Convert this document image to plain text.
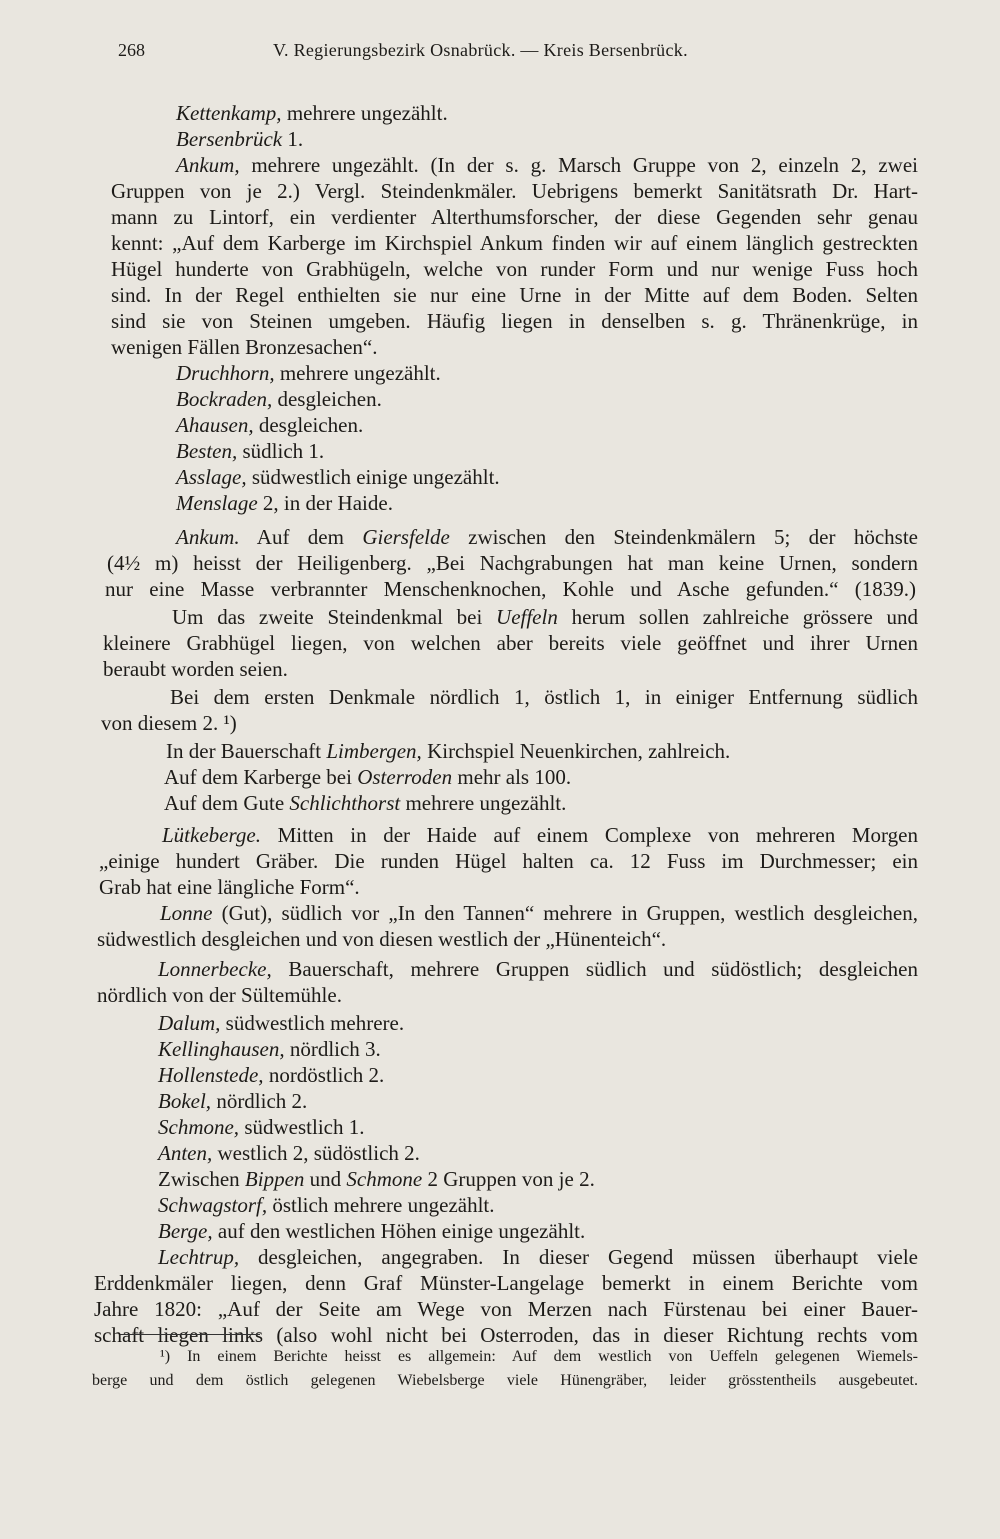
268	V. Regierungsbezirk Osnabrück. — Kreis Bersenbrück.
Kettenkamp, mehrere ungezählt.
Bersenbrück 1.
Ankum, mehrere ungezählt. (In der s. g. Marsch Gruppe von 2, einzeln 2, zwei
Gruppen von je 2.) Vergl. Steindenkmäler. Uebrigens bemerkt Sanitätsrath Dr. Hart-
mann zu Lintorf, ein verdienter Alterthumsforscher, der diese Gegenden sehr genau
kennt: „Auf dem Karberge im Kirchspiel Ankum finden wir auf einem länglich gestreckten
Hügel hunderte von Grabhügeln, welche von runder Form und nur wenige Fuss hoch
sind. In der Regel enthielten sie nur eine Urne in der Mitte auf dem Boden. Selten
sind sie von Steinen umgeben. Häufig liegen in denselben s. g. Thränenkrüge, in
wenigen Fällen Bronzesachen“.
Druchhorn, mehrere ungezählt.
Bockraden, desgleichen.
Ahausen, desgleichen.
Besten, südlich 1.
Asslage, südwestlich einige ungezählt.
Menslage 2, in der Haide.
Ankum. Auf dem Giersfelde zwischen den Steindenkmälern 5; der höchste
(4½ m) heisst der Heiligenberg. „Bei Nachgrabungen hat man keine Urnen, sondern
nur eine Masse verbrannter Menschenknochen, Kohle und Asche gefunden.“ (1839.)
Um das zweite Steindenkmal bei Ueffeln herum sollen zahlreiche grössere und
kleinere Grabhügel liegen, von welchen aber bereits viele geöffnet und ihrer Urnen
beraubt worden seien.
Bei dem ersten Denkmale nördlich 1, östlich 1, in einiger Entfernung südlich
von diesem 2. ¹)
In der Bauerschaft Limbergen, Kirchspiel Neuenkirchen, zahlreich.
Auf dem Karberge bei Osterroden mehr als 100.
Auf dem Gute Schlichthorst mehrere ungezählt.
Lütkeberge. Mitten in der Haide auf einem Complexe von mehreren Morgen
„einige hundert Gräber. Die runden Hügel halten ca. 12 Fuss im Durchmesser; ein
Grab hat eine längliche Form“.
Lonne (Gut), südlich vor „In den Tannen“ mehrere in Gruppen, westlich desgleichen,
südwestlich desgleichen und von diesen westlich der „Hünenteich“.
Lonnerbecke, Bauerschaft, mehrere Gruppen südlich und südöstlich; desgleichen
nördlich von der Sültemühle.
Dalum, südwestlich mehrere.
Kellinghausen, nördlich 3.
Hollenstede, nordöstlich 2.
Bokel, nördlich 2.
Schmone, südwestlich 1.
Anten, westlich 2, südöstlich 2.
Zwischen Bippen und Schmone 2 Gruppen von je 2.
Schwagstorf, östlich mehrere ungezählt.
Berge, auf den westlichen Höhen einige ungezählt.
Lechtrup, desgleichen, angegraben. In dieser Gegend müssen überhaupt viele
Erddenkmäler liegen, denn Graf Münster-Langelage bemerkt in einem Berichte vom
Jahre 1820: „Auf der Seite am Wege von Merzen nach Fürstenau bei einer Bauer-
schaft liegen links (also wohl nicht bei Osterroden, das in dieser Richtung rechts vom
¹) In einem Berichte heisst es allgemein: Auf dem westlich von Ueffeln gelegenen Wiemels-
berge und dem östlich gelegenen Wiebelsberge viele Hünengräber, leider grösstentheils ausgebeutet.
